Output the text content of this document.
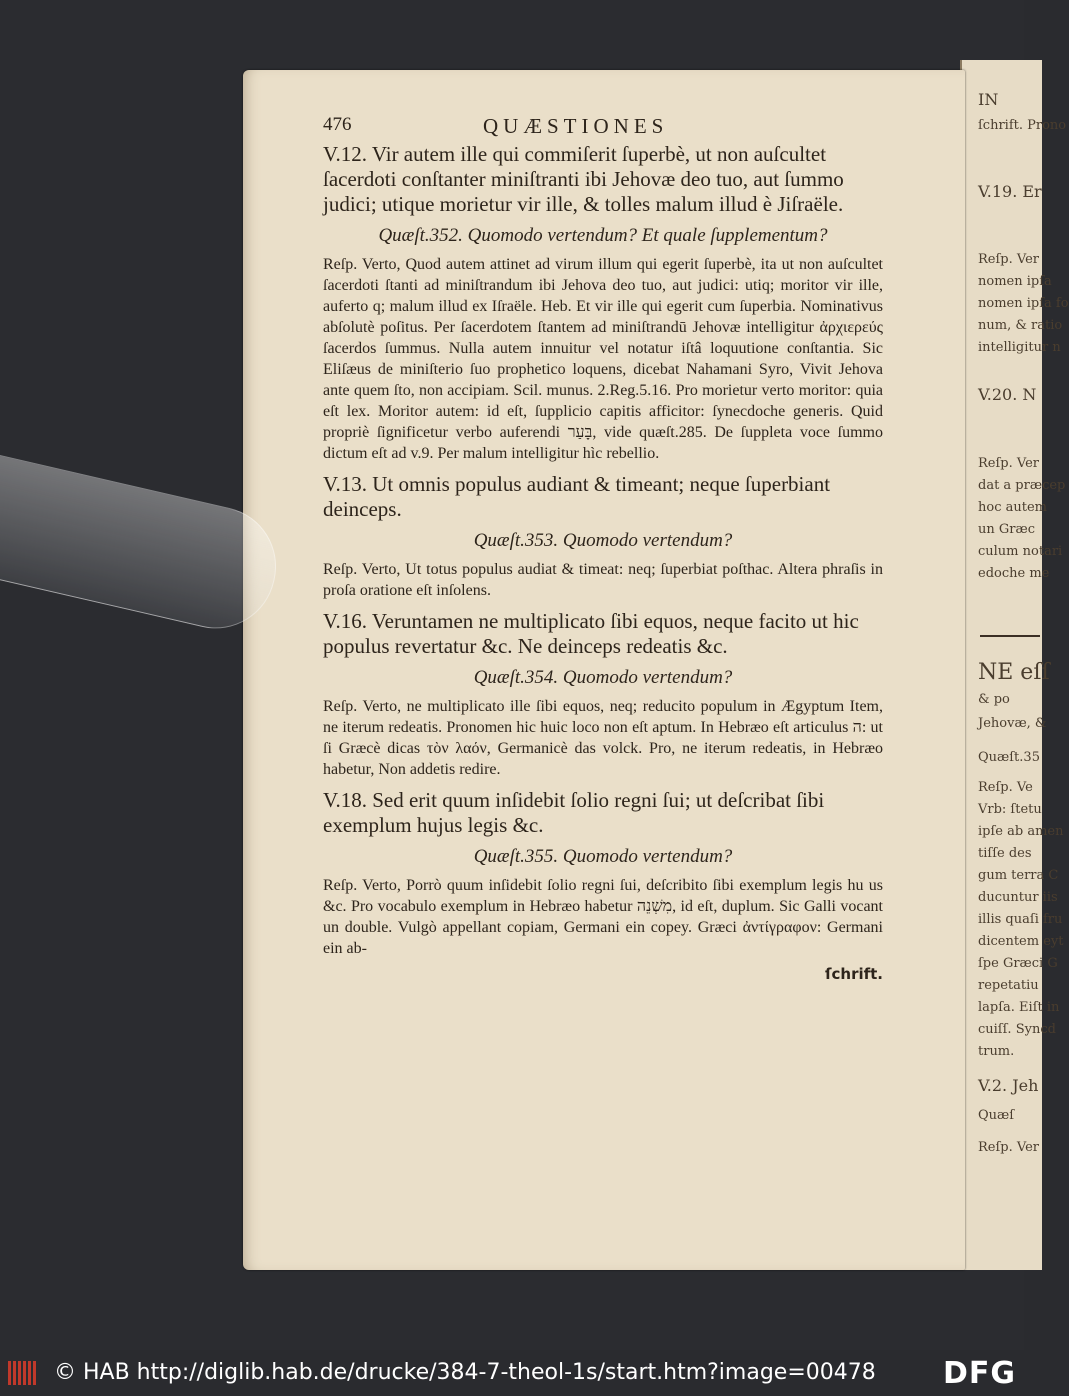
IN
ſchrift. Prono
V.19. Er
Reſp. Ver
nomen ipſa
nomen ipſa fo
num, & ratio
intelligitur n
V.20. N
Reſp. Ver
dat a præcep
hoc autem
un Græc
culum notari
edoche me
NE eſſ
& po
Jehovæ, &
Quæſt.35
Reſp. Ve
Vrb: ſtetu
ipſe ab amen
tiſſe des
gum terra C
ducuntur iis
illis quaſi fru
dicentem eyt
ſpe Græci G
repetatiu
lapſa. Eiſt in
cuiſſ. Syncd
trum.
V.2. Jeh
Quæſ
Reſp. Ver
476	QUÆSTIONES

V.12. Vir autem ille qui commiſerit ſuperbè, ut non auſcultet ſacerdoti conſtanter miniſtranti ibi Jehovæ deo tuo, aut ſummo judici; utique morietur vir ille, & tolles malum illud è Jiſraële.

Quæſt.352. Quomodo vertendum? Et quale ſupplementum?

Reſp. Verto, Quod autem attinet ad virum illum qui egerit ſuperbè, ita ut non auſcultet ſacerdoti ſtanti ad miniſtrandum ibi Jehova deo tuo, aut judici: utiq; moritor vir ille, auferto q; malum illud ex Iſraële. Heb. Et vir ille qui egerit cum ſuperbia. Nominativus abſolutè poſitus. Per ſacerdotem ſtantem ad miniſtrandū Jehovæ intelligitur ἀρχιερεύς ſacerdos ſummus. Nulla autem innuitur vel notatur iſtâ loquutione conſtantia. Sic Eliſæus de miniſterio ſuo prophetico loquens, dicebat Nahamani Syro, Vivit Jehova ante quem ſto, non accipiam. Scil. munus. 2.Reg.5.16. Pro morietur verto moritor: quia eſt lex. Moritor autem: id eſt, ſupplicio capitis afficitor: ſynecdoche generis. Quid propriè ſignificetur verbo auferendi בָּעַר, vide quæſt.285. De ſuppleta voce ſummo dictum eſt ad v.9. Per malum intelligitur hìc rebellio.

V.13. Ut omnis populus audiant & timeant; neque ſuperbiant deinceps.

Quæſt.353. Quomodo vertendum?

Reſp. Verto, Ut totus populus audiat & timeat: neq; ſuperbiat poſthac. Altera phraſis in proſa oratione eſt inſolens.

V.16. Veruntamen ne multiplicato ſibi equos, neque facito ut hic populus revertatur &c. Ne deinceps redeatis &c.

Quæſt.354. Quomodo vertendum?

Reſp. Verto, ne multiplicato ille ſibi equos, neq; reducito populum in Ægyptum Item, ne iterum redeatis. Pronomen hic huic loco non eſt aptum. In Hebræo eſt articulus ה: ut ſi Græcè dicas τὸν λαόν, Germanicè das volck. Pro, ne iterum redeatis, in Hebræo habetur, Non addetis redire.

V.18. Sed erit quum inſidebit ſolio regni ſui; ut deſcribat ſibi exemplum hujus legis &c.

Quæſt.355. Quomodo vertendum?

Reſp. Verto, Porrò quum inſidebit ſolio regni ſui, deſcribito ſibi exemplum legis hu us &c. Pro vocabulo exemplum in Hebræo habetur מִשְׁנֵה, id eſt, duplum. Sic Galli vocant un double. Vulgò appellant copiam, Germani ein copey. Græci ἀντίγραφον: Germani ein ab-

ſchrift.
© HAB http://diglib.hab.de/drucke/384-7-theol-1s/start.htm?image=00478 DFG
